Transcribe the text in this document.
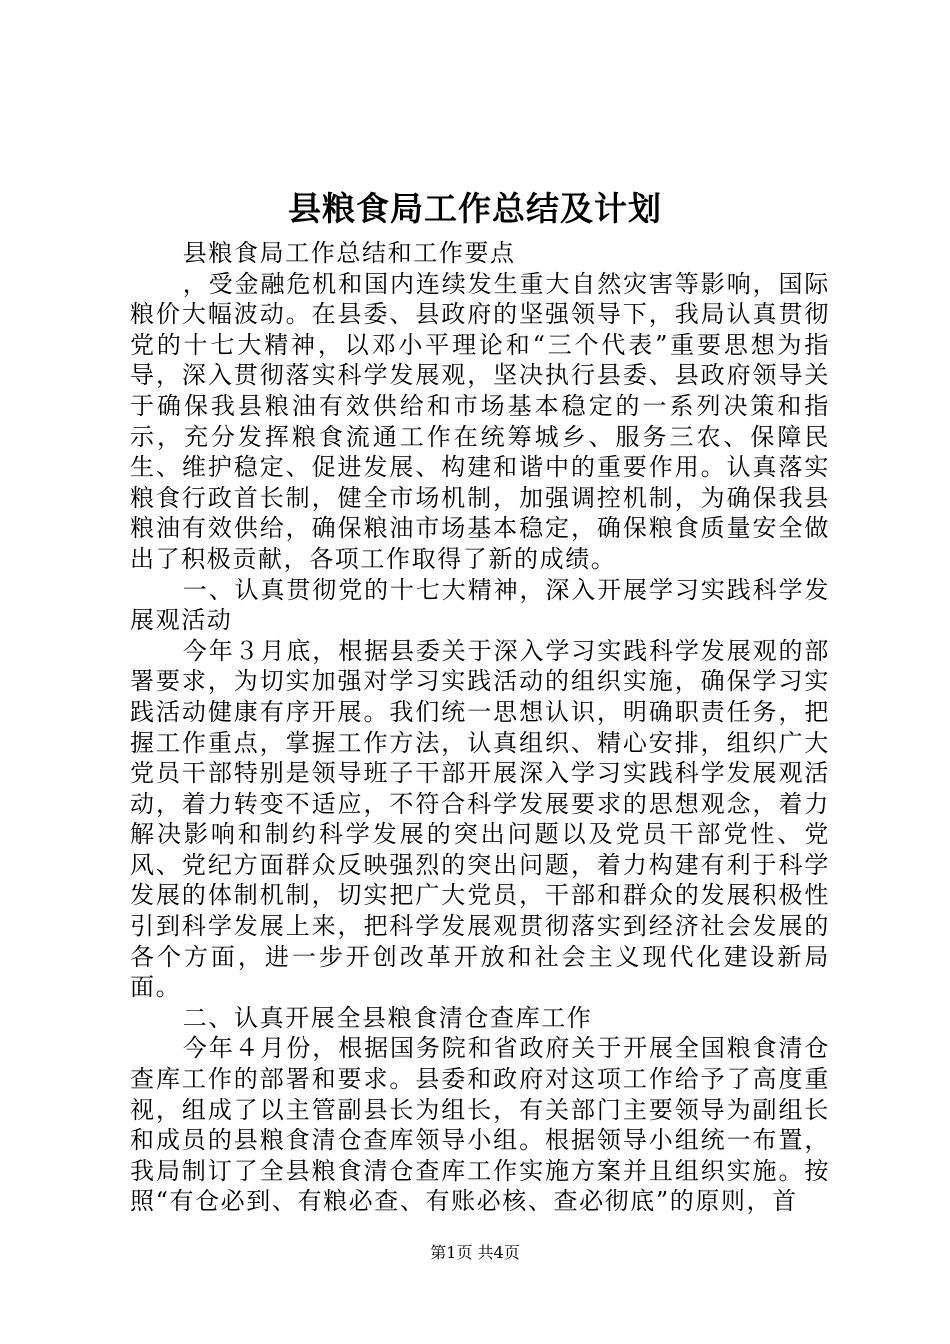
县粮食局工作总结及计划

县粮食局工作总结和工作要点

，受金融危机和国内连续发生重大自然灾害等影响，国际粮价大幅波动。在县委、县政府的坚强领导下，我局认真贯彻党的十七大精神，以邓小平理论和“三个代表”重要思想为指导，深入贯彻落实科学发展观，坚决执行县委、县政府领导关于确保我县粮油有效供给和市场基本稳定的一系列决策和指示，充分发挥粮食流通工作在统筹城乡、服务三农、保障民生、维护稳定、促进发展、构建和谐中的重要作用。认真落实粮食行政首长制，健全市场机制，加强调控机制，为确保我县粮油有效供给，确保粮油市场基本稳定，确保粮食质量安全做出了积极贡献，各项工作取得了新的成绩。

一、认真贯彻党的十七大精神，深入开展学习实践科学发展观活动

今年３月底，根据县委关于深入学习实践科学发展观的部署要求，为切实加强对学习实践活动的组织实施，确保学习实践活动健康有序开展。我们统一思想认识，明确职责任务，把握工作重点，掌握工作方法，认真组织、精心安排，组织广大党员干部特别是领导班子干部开展深入学习实践科学发展观活动，着力转变不适应，不符合科学发展要求的思想观念，着力解决影响和制约科学发展的突出问题以及党员干部党性、党风、党纪方面群众反映强烈的突出问题，着力构建有利于科学发展的体制机制，切实把广大党员，干部和群众的发展积极性引到科学发展上来，把科学发展观贯彻落实到经济社会发展的各个方面，进一步开创改革开放和社会主义现代化建设新局面。

二、认真开展全县粮食清仓查库工作

今年４月份，根据国务院和省政府关于开展全国粮食清仓查库工作的部署和要求。县委和政府对这项工作给予了高度重视，组成了以主管副县长为组长，有关部门主要领导为副组长和成员的县粮食清仓查库领导小组。根据领导小组统一布置，我局制订了全县粮食清仓查库工作实施方案并且组织实施。按照“有仓必到、有粮必查、有账必核、查必彻底”的原则，首

第1页 共4页
